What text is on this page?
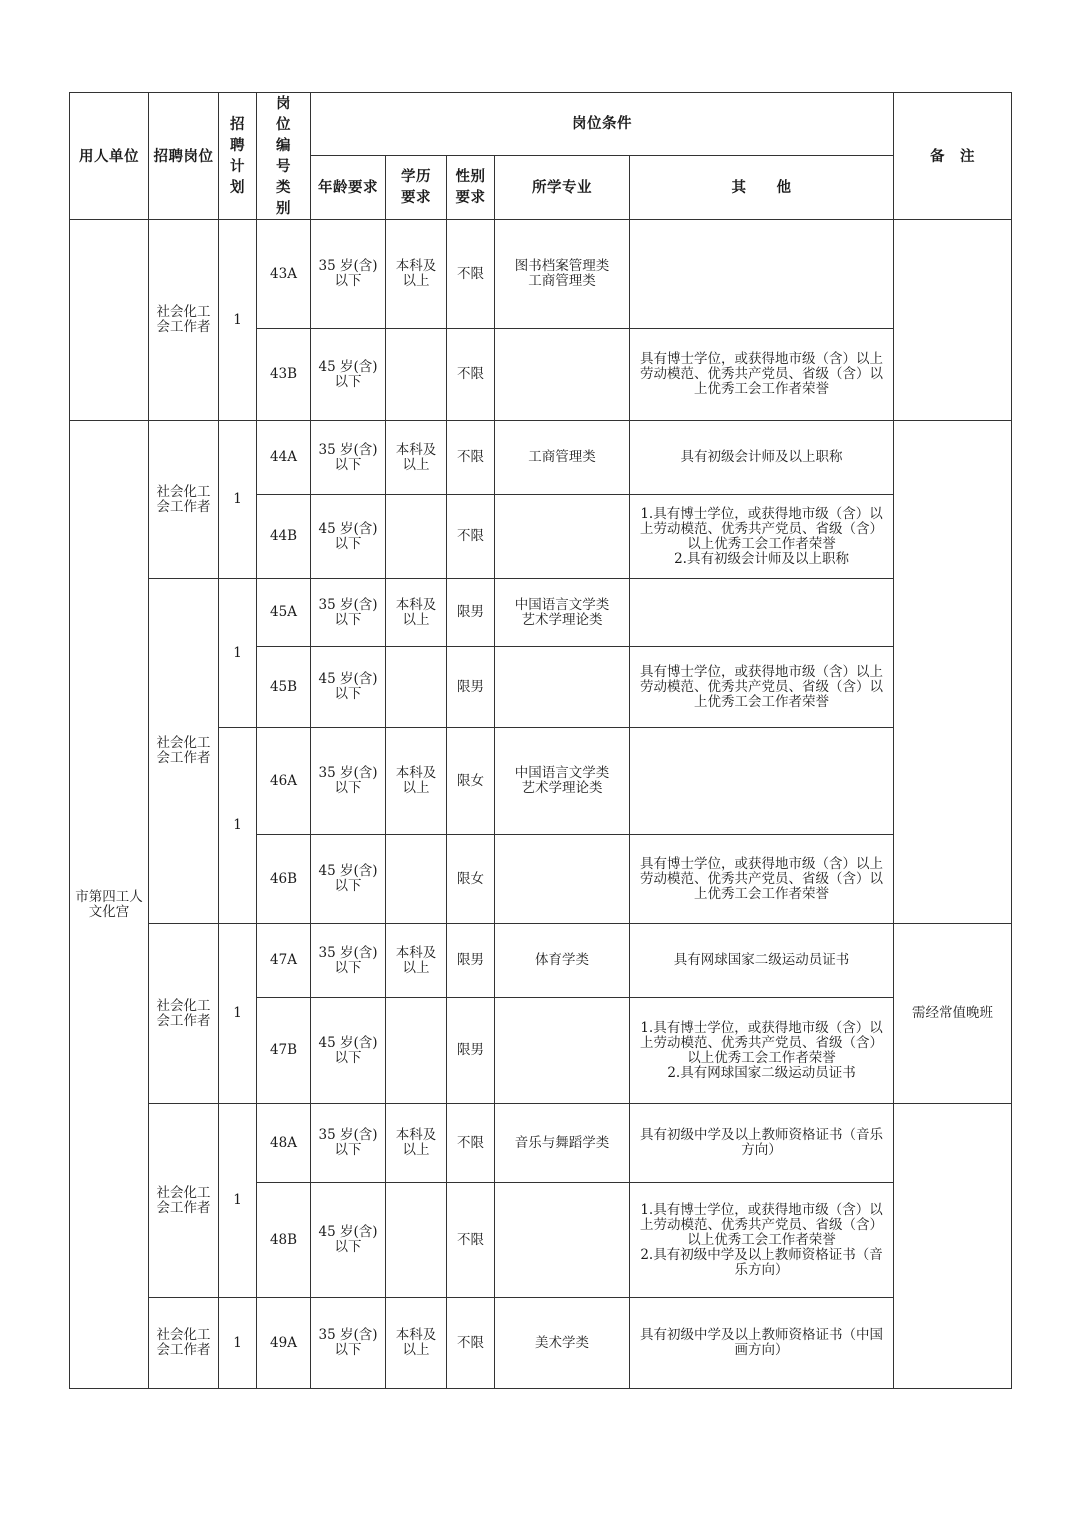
用人单位	招聘岗位	招聘计划	岗位编号类别	岗位条件					备　注
				年龄要求	学历要求	性别要求	所学专业	其　　他	
	社会化工会工作者	1	43A	35 岁(含)以下	本科及以上	不限	图书档案管理类
工商管理类		
			43B	45 岁(含)以下		不限		具有博士学位，或获得地市级（含）以上劳动模范、优秀共产党员、省级（含）以上优秀工会工作者荣誉	
市第四工人文化宫	社会化工会工作者	1	44A	35 岁(含)以下	本科及以上	不限	工商管理类	具有初级会计师及以上职称	
			44B	45 岁(含)以下		不限		1.具有博士学位，或获得地市级（含）以上劳动模范、优秀共产党员、省级（含）以上优秀工会工作者荣誉
2.具有初级会计师及以上职称	
	社会化工会工作者	1	45A	35 岁(含)以下	本科及以上	限男	中国语言文学类
艺术学理论类		
			45B	45 岁(含)以下		限男		具有博士学位，或获得地市级（含）以上劳动模范、优秀共产党员、省级（含）以上优秀工会工作者荣誉	
		1	46A	35 岁(含)以下	本科及以上	限女	中国语言文学类
艺术学理论类		
			46B	45 岁(含)以下		限女		具有博士学位，或获得地市级（含）以上劳动模范、优秀共产党员、省级（含）以上优秀工会工作者荣誉	
	社会化工会工作者	1	47A	35 岁(含)以下	本科及以上	限男	体育学类	具有网球国家二级运动员证书	需经常值晚班
			47B	45 岁(含)以下		限男		1.具有博士学位，或获得地市级（含）以上劳动模范、优秀共产党员、省级（含）以上优秀工会工作者荣誉
2.具有网球国家二级运动员证书	
	社会化工会工作者	1	48A	35 岁(含)以下	本科及以上	不限	音乐与舞蹈学类	具有初级中学及以上教师资格证书（音乐方向）	
			48B	45 岁(含)以下		不限		1.具有博士学位，或获得地市级（含）以上劳动模范、优秀共产党员、省级（含）以上优秀工会工作者荣誉
2.具有初级中学及以上教师资格证书（音乐方向）	
	社会化工会工作者	1	49A	35 岁(含)以下	本科及以上	不限	美术学类	具有初级中学及以上教师资格证书（中国画方向）	
